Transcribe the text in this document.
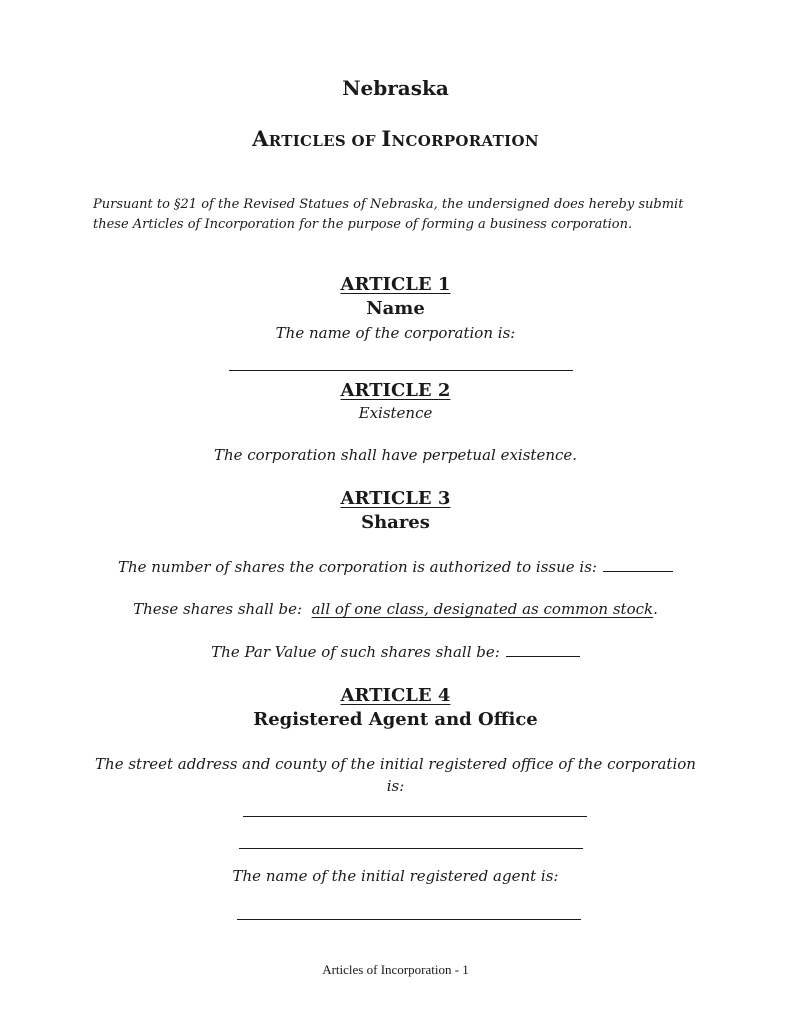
Nebraska
ARTICLES OF INCORPORATION
Pursuant to §21 of the Revised Statues of Nebraska, the undersigned does hereby submit these Articles of Incorporation for the purpose of forming a business corporation.
ARTICLE 1
Name
The name of the corporation is:
ARTICLE 2
Existence
The corporation shall have perpetual existence.
ARTICLE 3
Shares
The number of shares the corporation is authorized to issue is:
These shares shall be: all of one class, designated as common stock.
The Par Value of such shares shall be:
ARTICLE 4
Registered Agent and Office
The street address and county of the initial registered office of the corporation
is:
The name of the initial registered agent is:
Articles of Incorporation - 1
